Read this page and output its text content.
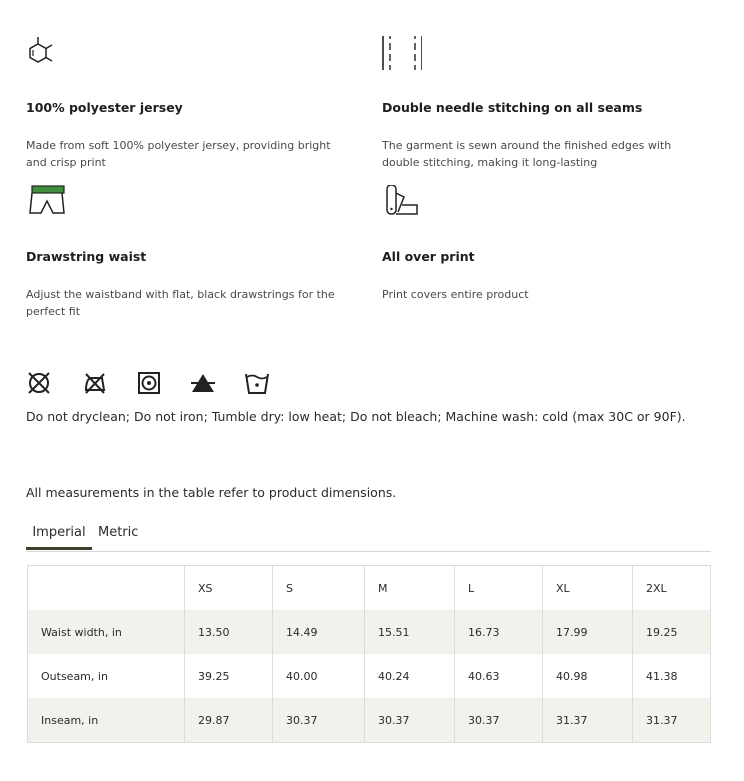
100% polyester jersey
Made from soft 100% polyester jersey, providing bright and crisp print
Double needle stitching on all seams
The garment is sewn around the finished edges with double stitching, making it long-lasting
Drawstring waist
Adjust the waistband with flat, black drawstrings for the perfect fit
All over print
Print covers entire product
Do not dryclean; Do not iron; Tumble dry: low heat; Do not bleach; Machine wash: cold (max 30C or 90F).
All measurements in the table refer to product dimensions.
Imperial Metric
	XS	S	M	L	XL	2XL
Waist width, in	13.50	14.49	15.51	16.73	17.99	19.25
Outseam, in	39.25	40.00	40.24	40.63	40.98	41.38
Inseam, in	29.87	30.37	30.37	30.37	31.37	31.37
